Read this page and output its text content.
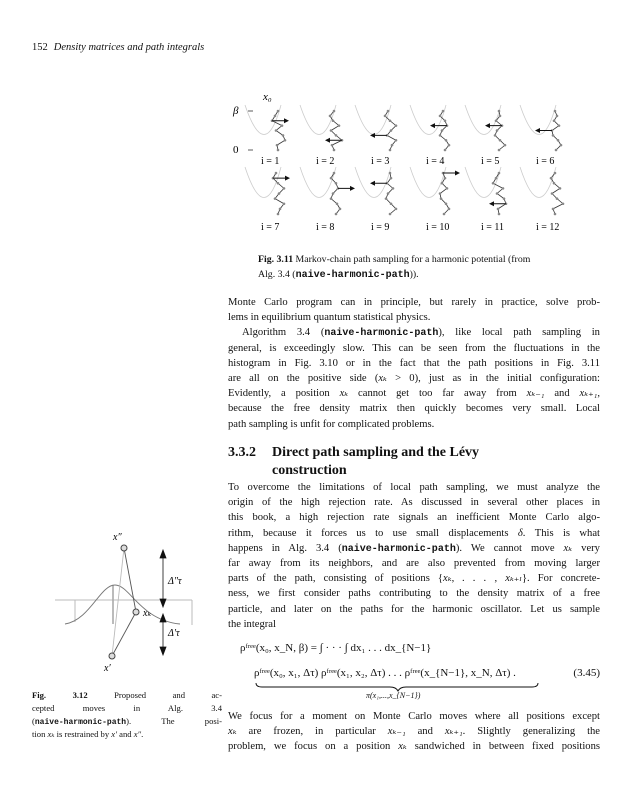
152 Density matrices and path integrals
x₀
β
0
i = 1	i = 2	i = 3	i = 4	i = 5	i = 6
i = 7	i = 8	i = 9	i = 10	i = 11	i = 12
Fig. 3.11 Markov-chain path sampling for a harmonic potential (from
Alg. 3.4 (naive-harmonic-path)).
Monte Carlo program can in principle, but rarely in practice, solve prob-
lems in equilibrium quantum statistical physics.
Algorithm 3.4 (naive-harmonic-path), like local path sampling in
general, is exceedingly slow. This can be seen from the fluctuations in the
histogram in Fig. 3.10 or in the fact that the path positions in Fig. 3.11
are all on the positive side (xₖ > 0), just as in the initial configuration:
Evidently, a position xₖ cannot get too far away from xₖ₋₁ and xₖ₊₁,
because the free density matrix then quickly becomes very small. Local
path sampling is unfit for complicated problems.
3.3.2 Direct path sampling and the Lévy
construction
To overcome the limitations of local path sampling, we must analyze the
origin of the high rejection rate. As discussed in several other places in
this book, a high rejection rate signals an inefficient Monte Carlo algo-
rithm, because it forces us to use small displacements δ. This is what
happens in Alg. 3.4 (naive-harmonic-path). We cannot move xₖ very
far away from its neighbors, and are also prevented from moving larger
parts of the path, consisting of positions {xₖ, . . . , xₖ₊ₗ}. For concrete-
ness, we first consider paths contributing to the density matrix of a free
particle, and later on the paths for the harmonic oscillator. Let us sample
the integral
ρᶠʳᵉᵉ(x₀, x_N, β) = ∫ · · · ∫ dx₁ . . . dx_{N−1}
ρᶠʳᵉᵉ(x₀, x₁, Δτ) ρᶠʳᵉᵉ(x₁, x₂, Δτ) . . . ρᶠʳᵉᵉ(x_{N−1}, x_N, Δτ) .	(3.45)
π(x₁,...,x_{N−1})
We focus for a moment on Monte Carlo moves where all positions except
xₖ are frozen, in particular xₖ₋₁ and xₖ₊₁. Slightly generalizing the
problem, we focus on a position xₖ sandwiched in between fixed positions
x″
xₖ
x′
Δ″τ
Δ′τ
Fig. 3.12 Proposed and ac-
cepted moves in Alg. 3.4
(naive-harmonic-path). The posi-
tion xₖ is restrained by x′ and x″.
